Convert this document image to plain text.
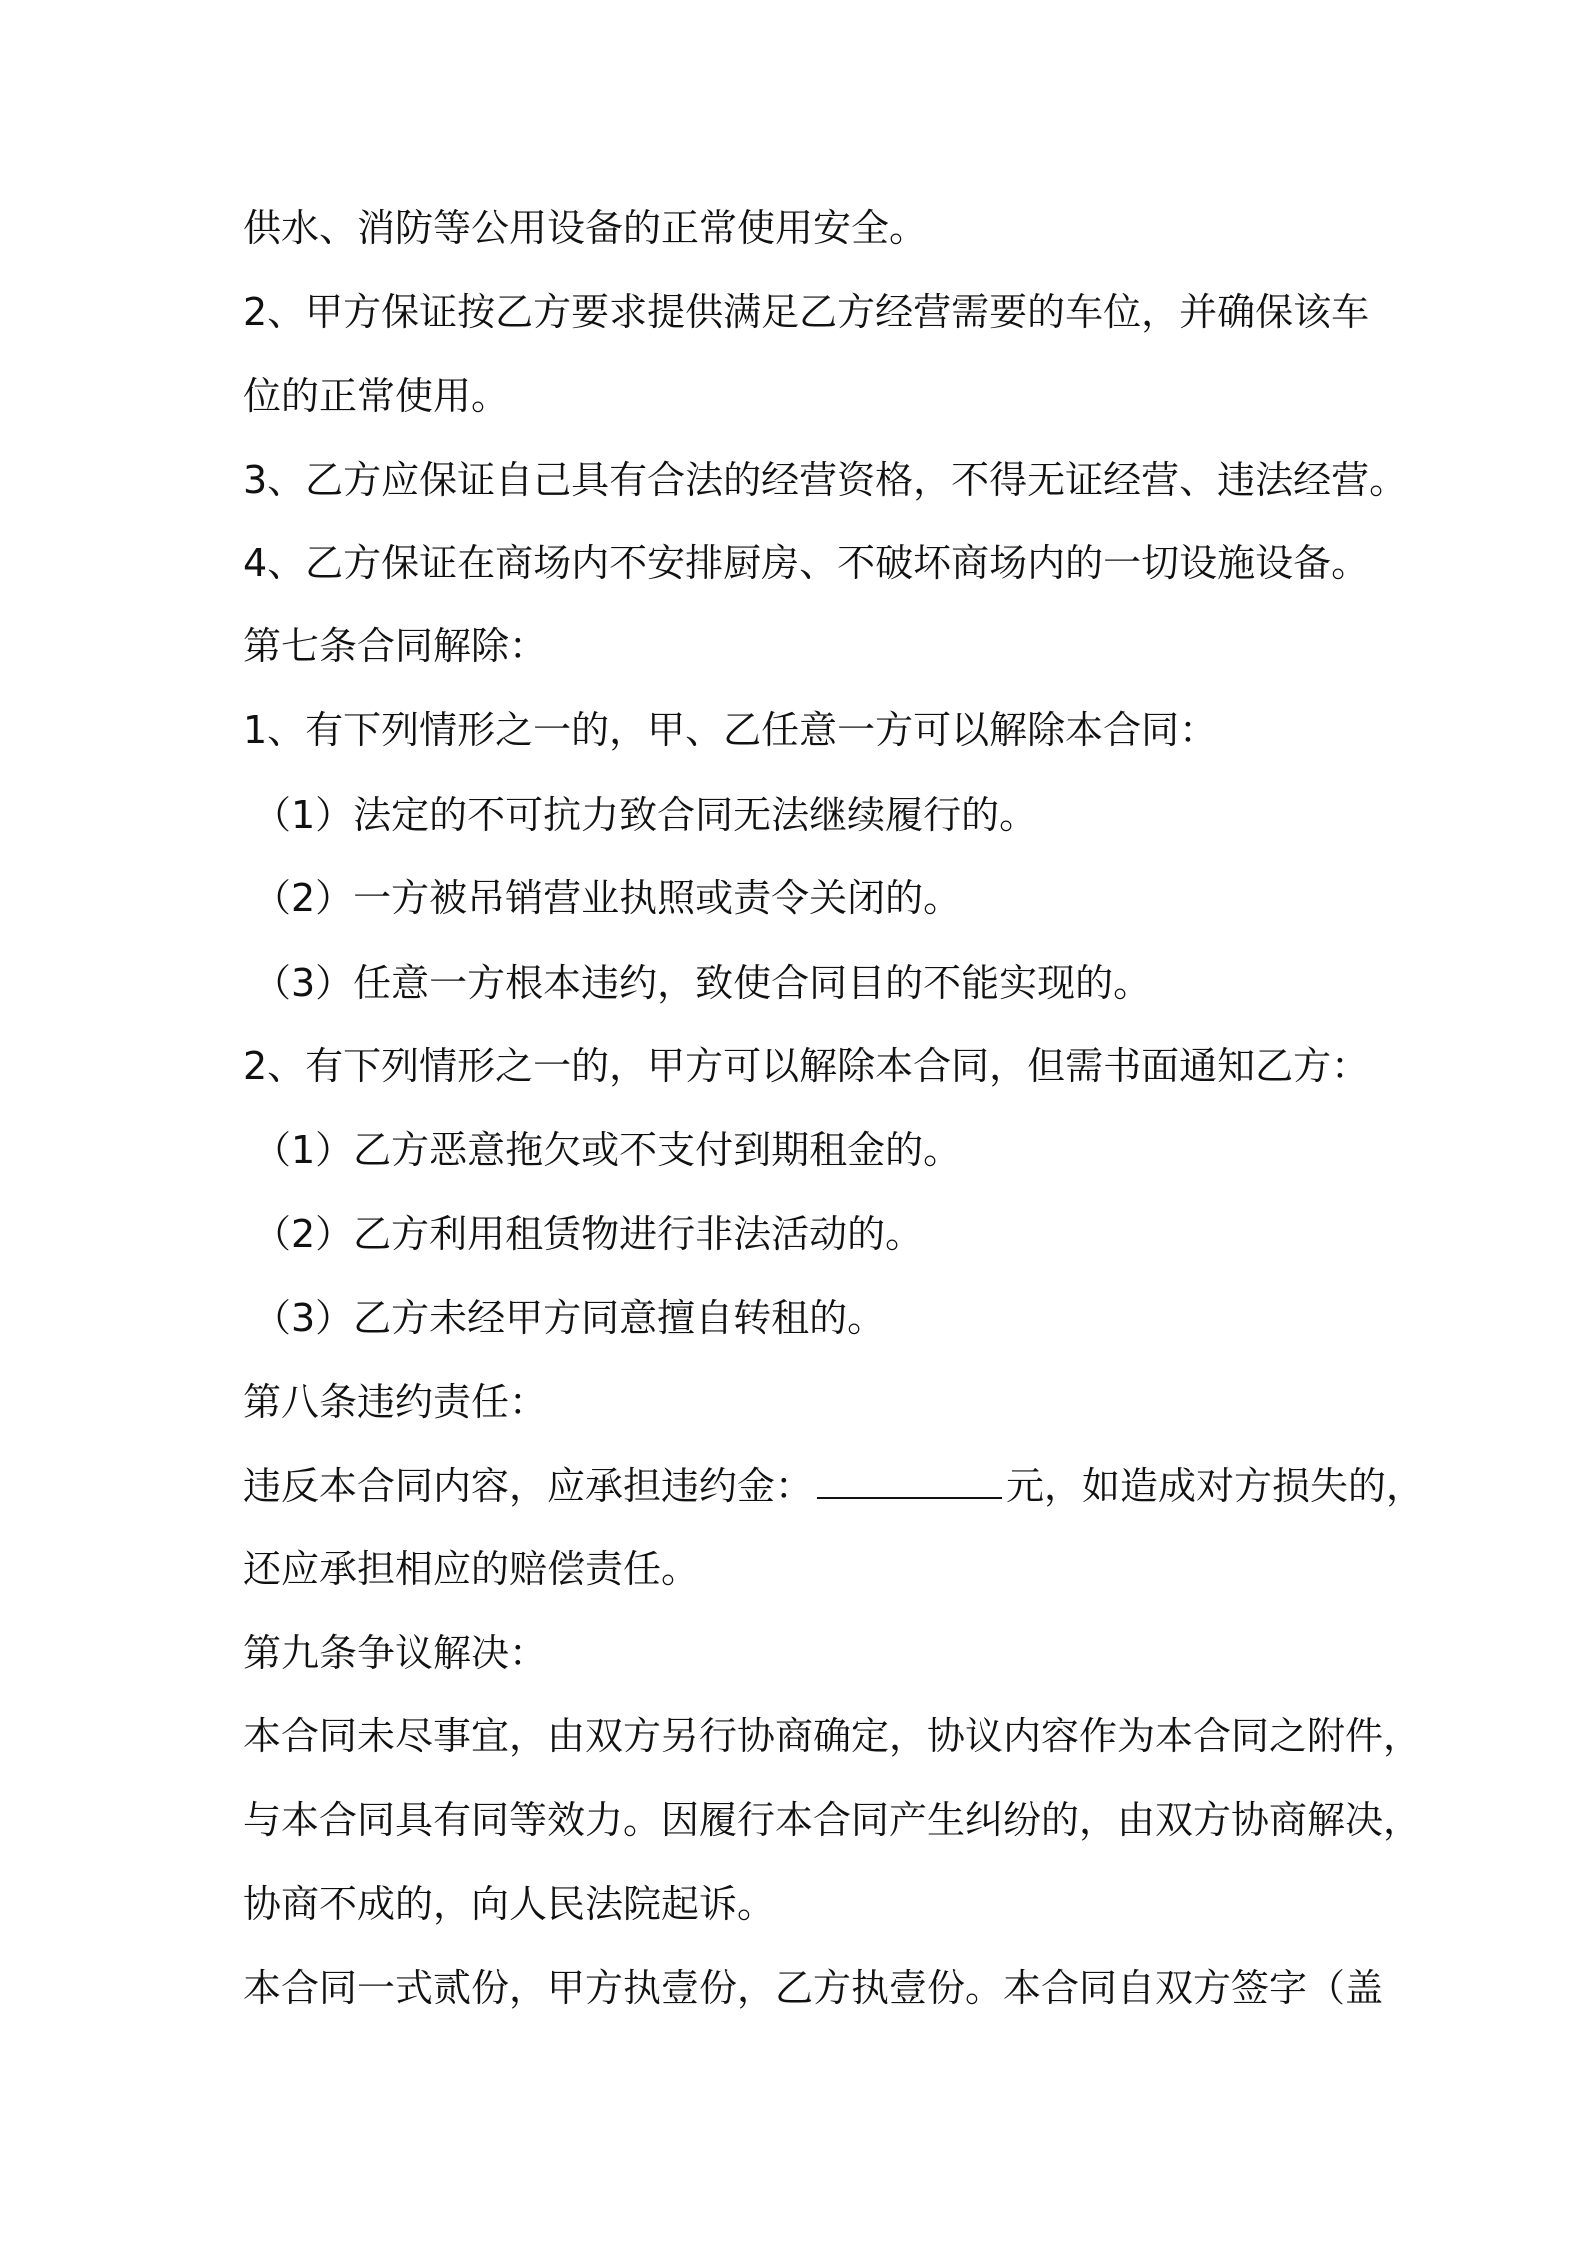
供水、消防等公用设备的正常使用安全。
2、甲方保证按乙方要求提供满足乙方经营需要的车位，并确保该车
位的正常使用。
3、乙方应保证自己具有合法的经营资格，不得无证经营、违法经营。
4、乙方保证在商场内不安排厨房、不破坏商场内的一切设施设备。
第七条合同解除：
1、有下列情形之一的，甲、乙任意一方可以解除本合同：
（1）法定的不可抗力致合同无法继续履行的。
（2）一方被吊销营业执照或责令关闭的。
（3）任意一方根本违约，致使合同目的不能实现的。
2、有下列情形之一的，甲方可以解除本合同，但需书面通知乙方：
（1）乙方恶意拖欠或不支付到期租金的。
（2）乙方利用租赁物进行非法活动的。
（3）乙方未经甲方同意擅自转租的。
第八条违约责任：
违反本合同内容，应承担违约金：	元，如造成对方损失的，
还应承担相应的赔偿责任。
第九条争议解决：
本合同未尽事宜，由双方另行协商确定，协议内容作为本合同之附件，
与本合同具有同等效力。因履行本合同产生纠纷的，由双方协商解决，
协商不成的，向人民法院起诉。
本合同一式贰份，甲方执壹份，乙方执壹份。本合同自双方签字（盖
